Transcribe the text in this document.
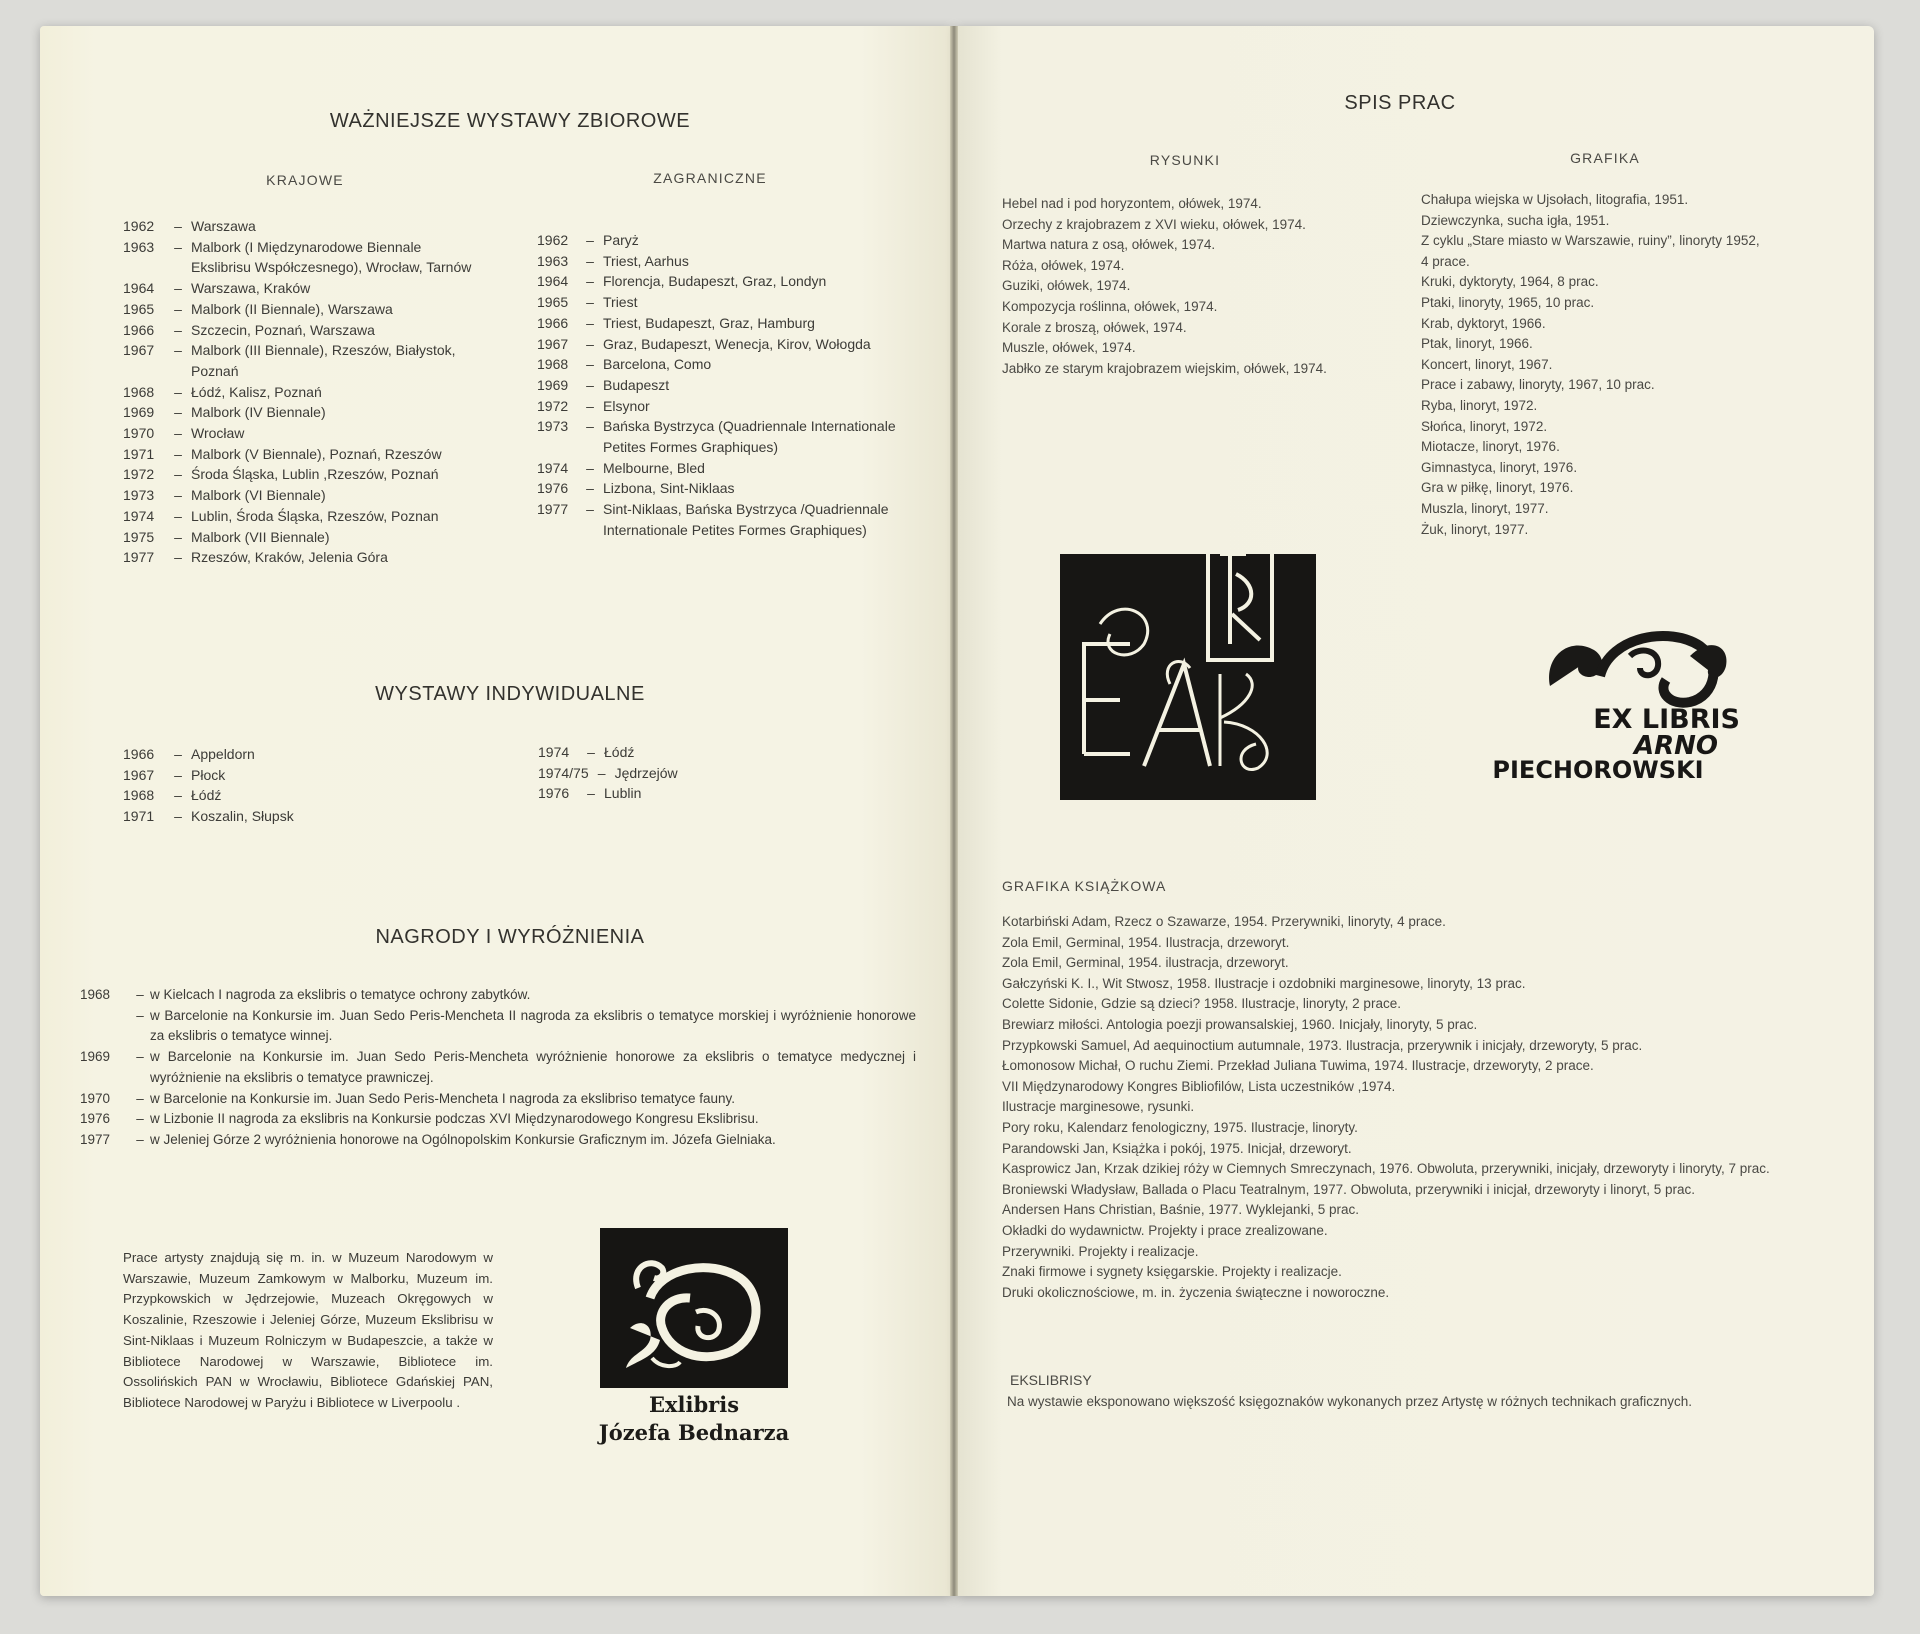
WAŻNIEJSZE WYSTAWY ZBIOROWE
KRAJOWE	ZAGRANICZNE
1962	– Warszawa
1963	– Malbork (I Międzynarodowe Biennale Ekslibrisu Współczesnego), Wrocław, Tarnów
1964	– Warszawa, Kraków
1965	– Malbork (II Biennale), Warszawa
1966	– Szczecin, Poznań, Warszawa
1967	– Malbork (III Biennale), Rzeszów, Białystok, Poznań
1968	– Łódź, Kalisz, Poznań
1969	– Malbork (IV Biennale)
1970	– Wrocław
1971	– Malbork (V Biennale), Poznań, Rzeszów
1972	– Środa Śląska, Lublin ,Rzeszów, Poznań
1973	– Malbork (VI Biennale)
1974	– Lublin, Środa Śląska, Rzeszów, Poznan
1975	– Malbork (VII Biennale)
1977	– Rzeszów, Kraków, Jelenia Góra
1962	– Paryż
1963	– Triest, Aarhus
1964	– Florencja, Budapeszt, Graz, Londyn
1965	– Triest
1966	– Triest, Budapeszt, Graz, Hamburg
1967	– Graz, Budapeszt, Wenecja, Kirov, Wołogda
1968	– Barcelona, Como
1969	– Budapeszt
1972	– Elsynor
1973	– Bańska Bystrzyca (Quadriennale Internationale Petites Formes Graphiques)
1974	– Melbourne, Bled
1976	– Lizbona, Sint-Niklaas
1977	– Sint-Niklaas, Bańska Bystrzyca /Quadriennale Internationale Petites Formes Graphiques)
WYSTAWY INDYWIDUALNE
1966	– Appeldorn
1967	– Płock
1968	– Łódź
1971	– Koszalin, Słupsk
1974	– Łódź
1974/75 – Jędrzejów
1976	– Lublin
NAGRODY I WYRÓŻNIENIA
1968	– w Kielcach I nagroda za ekslibris o tematyce ochrony zabytków.
– w Barcelonie na Konkursie im. Juan Sedo Peris-Mencheta II nagroda za ekslibris o tematyce morskiej i wyróżnienie honorowe za ekslibris o tematyce winnej.
1969	– w Barcelonie na Konkursie im. Juan Sedo Peris-Mencheta wyróżnienie honorowe za ekslibris o tematyce medycznej i wyróżnienie na ekslibris o tematyce prawniczej.
1970	– w Barcelonie na Konkursie im. Juan Sedo Peris-Mencheta I nagroda za ekslibriso tematyce fauny.
1976	– w Lizbonie II nagroda za ekslibris na Konkursie podczas XVI Międzynarodowego Kongresu Ekslibrisu.
1977	– w Jeleniej Górze 2 wyróżnienia honorowe na Ogólnopolskim Konkursie Graficznym im. Józefa Gielniaka.
Prace artysty znajdują się m. in. w Muzeum Narodowym w Warszawie, Muzeum Zamkowym w Malborku, Muzeum im. Przypkowskich w Jędrzejowie, Muzeach Okręgowych w Koszalinie, Rzeszowie i Jeleniej Górze, Muzeum Ekslibrisu w Sint-Niklaas i Muzeum Rolniczym w Budapeszcie, a także w Bibliotece Narodowej w Warszawie, Bibliotece im. Ossolińskich PAN w Wrocławiu, Bibliotece Gdańskiej PAN, Bibliotece Narodowej w Paryżu i Bibliotece w Liverpoolu .	Exlibris
Józefa Bednarza
SPIS PRAC
RYSUNKI	GRAFIKA
Hebel nad i pod horyzontem, ołówek, 1974.
Orzechy z krajobrazem z XVI wieku, ołówek, 1974.
Martwa natura z osą, ołówek, 1974.
Róża, ołówek, 1974.
Guziki, ołówek, 1974.
Kompozycja roślinna, ołówek, 1974.
Korale z broszą, ołówek, 1974.
Muszle, ołówek, 1974.
Jabłko ze starym krajobrazem wiejskim, ołówek, 1974.
Chałupa wiejska w Ujsołach, litografia, 1951.
Dziewczynka, sucha igła, 1951.
Z cyklu „Stare miasto w Warszawie, ruiny”, linoryty 1952, 4 prace.
Kruki, dyktoryty, 1964, 8 prac.
Ptaki, linoryty, 1965, 10 prac.
Krab, dyktoryt, 1966.
Ptak, linoryt, 1966.
Koncert, linoryt, 1967.
Prace i zabawy, linoryty, 1967, 10 prac.
Ryba, linoryt, 1972.
Słońca, linoryt, 1972.
Miotacze, linoryt, 1976.
Gimnastyca, linoryt, 1976.
Gra w piłkę, linoryt, 1976.
Muszla, linoryt, 1977.
Żuk, linoryt, 1977.
EX LIBRIS
ARNO
PIECHOROWSKI
GRAFIKA KSIĄŻKOWA
Kotarbiński Adam, Rzecz o Szawarze, 1954. Przerywniki, linoryty, 4 prace.
Zola Emil, Germinal, 1954. Ilustracja, drzeworyt.
Zola Emil, Germinal, 1954. ilustracja, drzeworyt.
Gałczyński K. I., Wit Stwosz, 1958. Ilustracje i ozdobniki marginesowe, linoryty, 13 prac.
Colette Sidonie, Gdzie są dzieci? 1958. Ilustracje, linoryty, 2 prace.
Brewiarz miłości. Antologia poezji prowansalskiej, 1960. Inicjały, linoryty, 5 prac.
Przypkowski Samuel, Ad aequinoctium autumnale, 1973. Ilustracja, przerywnik i inicjały, drzeworyty, 5 prac.
Łomonosow Michał, O ruchu Ziemi. Przekład Juliana Tuwima, 1974. Ilustracje, drzeworyty, 2 prace.
VII Międzynarodowy Kongres Bibliofilów, Lista uczestników ,1974.
Ilustracje marginesowe, rysunki.
Pory roku, Kalendarz fenologiczny, 1975. Ilustracje, linoryty.
Parandowski Jan, Książka i pokój, 1975. Inicjał, drzeworyt.
Kasprowicz Jan, Krzak dzikiej róży w Ciemnych Smreczynach, 1976. Obwoluta, przerywniki, inicjały, drzeworyty i linoryty, 7 prac.
Broniewski Władysław, Ballada o Placu Teatralnym, 1977. Obwoluta, przerywniki i inicjał, drzeworyty i linoryt, 5 prac.
Andersen Hans Christian, Baśnie, 1977. Wyklejanki, 5 prac.
Okładki do wydawnictw. Projekty i prace zrealizowane.
Przerywniki. Projekty i realizacje.
Znaki firmowe i sygnety księgarskie. Projekty i realizacje.
Druki okolicznościowe, m. in. życzenia świąteczne i noworoczne.
EKSLIBRISY
Na wystawie eksponowano większość księgoznaków wykonanych przez Artystę w różnych technikach graficznych.
